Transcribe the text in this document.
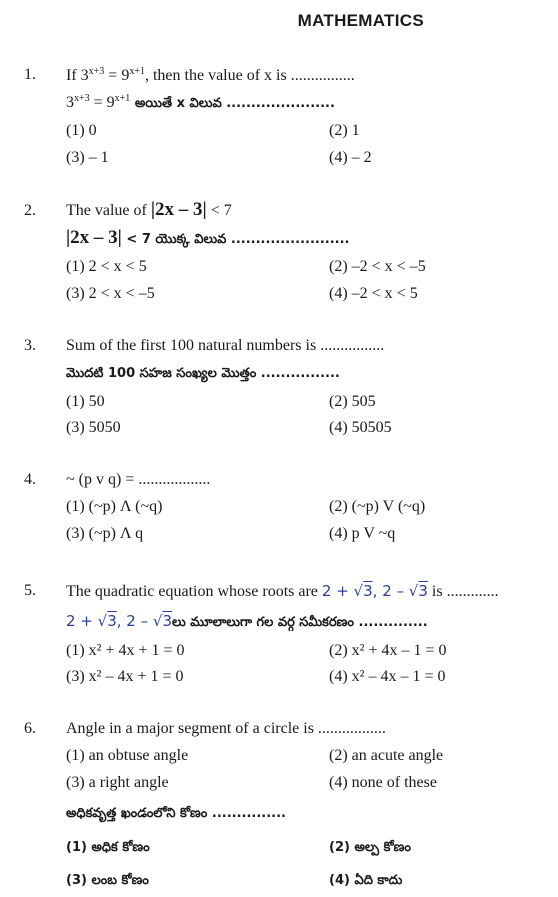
MATHEMATICS
1. If $3^{x+3} = 9^{x+1}$, then the value of x is ................
$3^{x+3} = 9^{x+1}$ అయితే x విలువ ......................
(1) 0	(2) 1
(3) – 1	(4) – 2
2. The value of |2x – 3| < 7
|2x – 3| < 7 యొక్క విలువ ........................
(1) 2 < x < 5	(2) –2 < x < –5
(3) 2 < x < –5	(4) –2 < x < 5
3. Sum of the first 100 natural numbers is ................
మొదటి 100 సహజ సంఖ్యల మొత్తం ................
(1) 50	(2) 505
(3) 5050	(4) 50505
4. ~ (p v q) = ..................
(1) (~p) Λ (~q)	(2) (~p) V (~q)
(3) (~p) Λ q	(4) p V ~q
5. The quadratic equation whose roots are 2 + √3, 2 – √3 is .............
2 + √3, 2 – √3లు మూలాలుగా గల వర్గ సమీకరణం ..............
(1) x² + 4x + 1 = 0	(2) x² + 4x – 1 = 0
(3) x² – 4x + 1 = 0	(4) x² – 4x – 1 = 0
6. Angle in a major segment of a circle is .................
(1) an obtuse angle	(2) an acute angle
(3) a right angle	(4) none of these
అధికవృత్త ఖండంలోని కోణం ...............
(1) అధిక కోణం	(2) అల్ప కోణం
(3) లంబ కోణం	(4) ఏది కాదు
